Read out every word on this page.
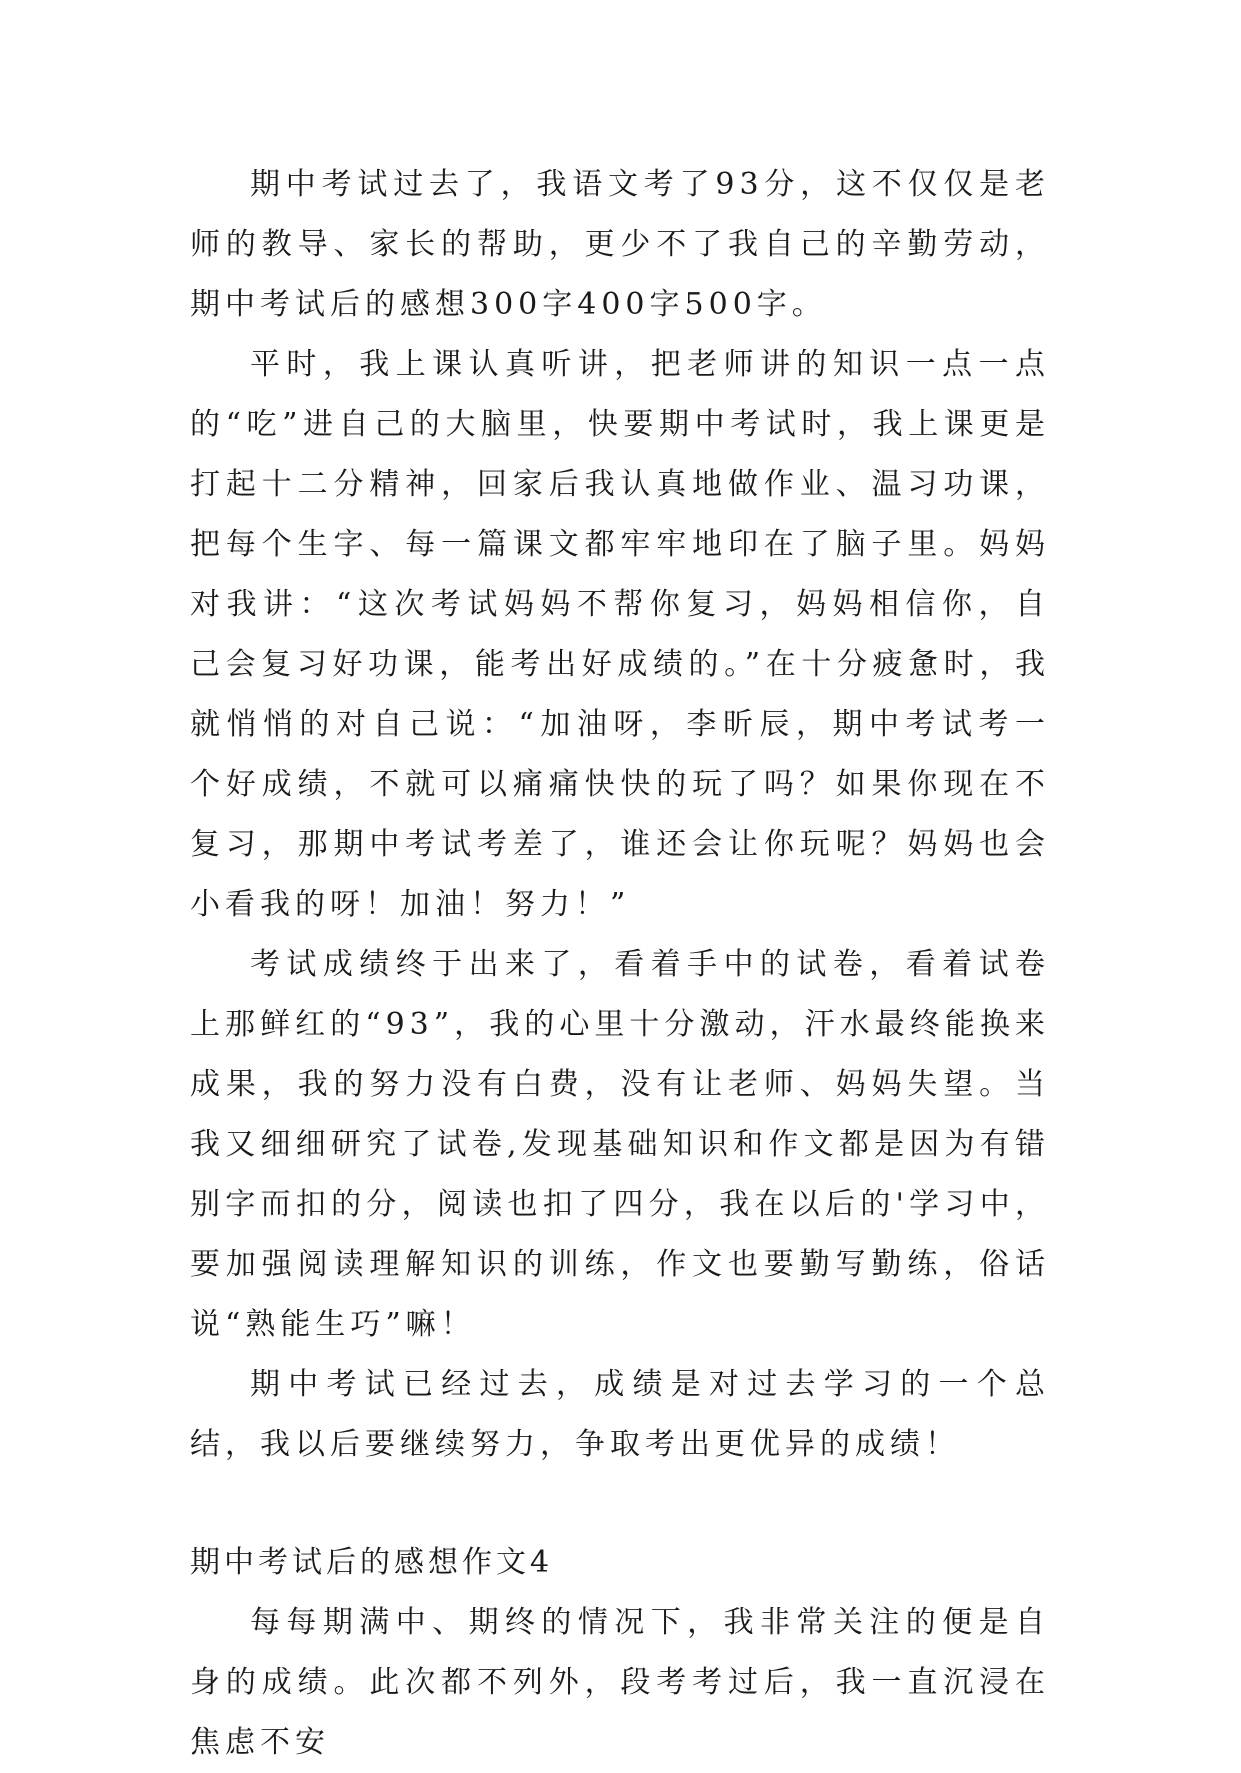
期中考试过去了，我语文考了93分，这不仅仅是老师的教导、家长的帮助，更少不了我自己的辛勤劳动，期中考试后的感想300字400字500字。

平时，我上课认真听讲，把老师讲的知识一点一点的“吃”进自己的大脑里，快要期中考试时，我上课更是打起十二分精神，回家后我认真地做作业、温习功课，把每个生字、每一篇课文都牢牢地印在了脑子里。妈妈对我讲：“这次考试妈妈不帮你复习，妈妈相信你，自己会复习好功课，能考出好成绩的。”在十分疲惫时，我就悄悄的对自己说：“加油呀，李昕辰，期中考试考一个好成绩，不就可以痛痛快快的玩了吗？如果你现在不复习，那期中考试考差了，谁还会让你玩呢？妈妈也会小看我的呀！加油！努力！”

考试成绩终于出来了，看着手中的试卷，看着试卷上那鲜红的“93”，我的心里十分激动，汗水最终能换来成果，我的努力没有白费，没有让老师、妈妈失望。当我又细细研究了试卷,发现基础知识和作文都是因为有错别字而扣的分，阅读也扣了四分，我在以后的'学习中，要加强阅读理解知识的训练，作文也要勤写勤练，俗话说“熟能生巧”嘛！

期中考试已经过去，成绩是对过去学习的一个总结，我以后要继续努力，争取考出更优异的成绩！

期中考试后的感想作文4

每每期满中、期终的情况下，我非常关注的便是自身的成绩。此次都不列外，段考考过后，我一直沉浸在焦虑不安
